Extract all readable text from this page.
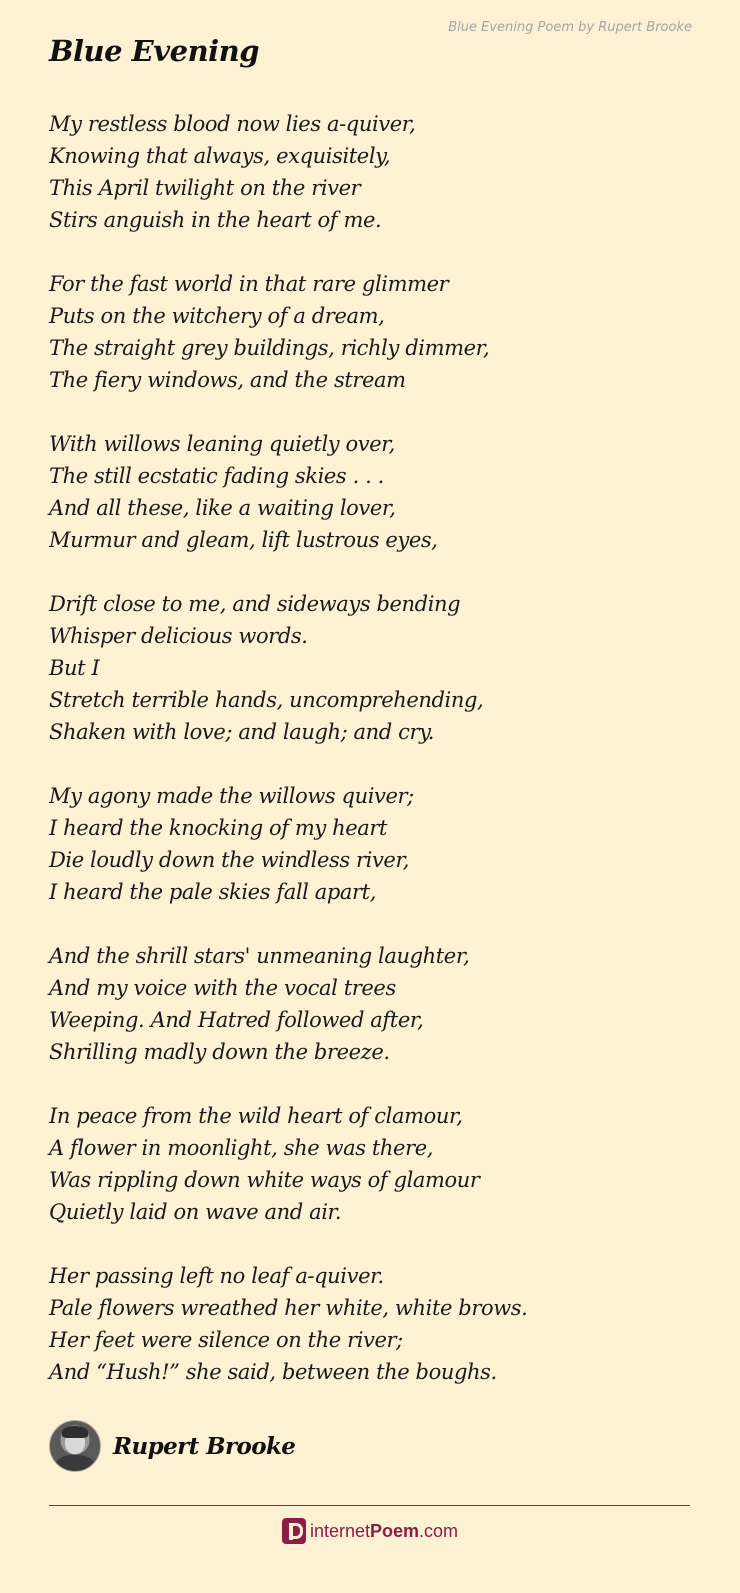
Blue Evening Poem by Rupert Brooke
Blue Evening
My restless blood now lies a-quiver,
Knowing that always, exquisitely,
This April twilight on the river
Stirs anguish in the heart of me.
For the fast world in that rare glimmer
Puts on the witchery of a dream,
The straight grey buildings, richly dimmer,
The fiery windows, and the stream
With willows leaning quietly over,
The still ecstatic fading skies . . .
And all these, like a waiting lover,
Murmur and gleam, lift lustrous eyes,
Drift close to me, and sideways bending
Whisper delicious words.
But I
Stretch terrible hands, uncomprehending,
Shaken with love; and laugh; and cry.
My agony made the willows quiver;
I heard the knocking of my heart
Die loudly down the windless river,
I heard the pale skies fall apart,
And the shrill stars' unmeaning laughter,
And my voice with the vocal trees
Weeping. And Hatred followed after,
Shrilling madly down the breeze.
In peace from the wild heart of clamour,
A flower in moonlight, she was there,
Was rippling down white ways of glamour
Quietly laid on wave and air.
Her passing left no leaf a-quiver.
Pale flowers wreathed her white, white brows.
Her feet were silence on the river;
And “Hush!” she said, between the boughs.
Rupert Brooke
internetPoem.com
